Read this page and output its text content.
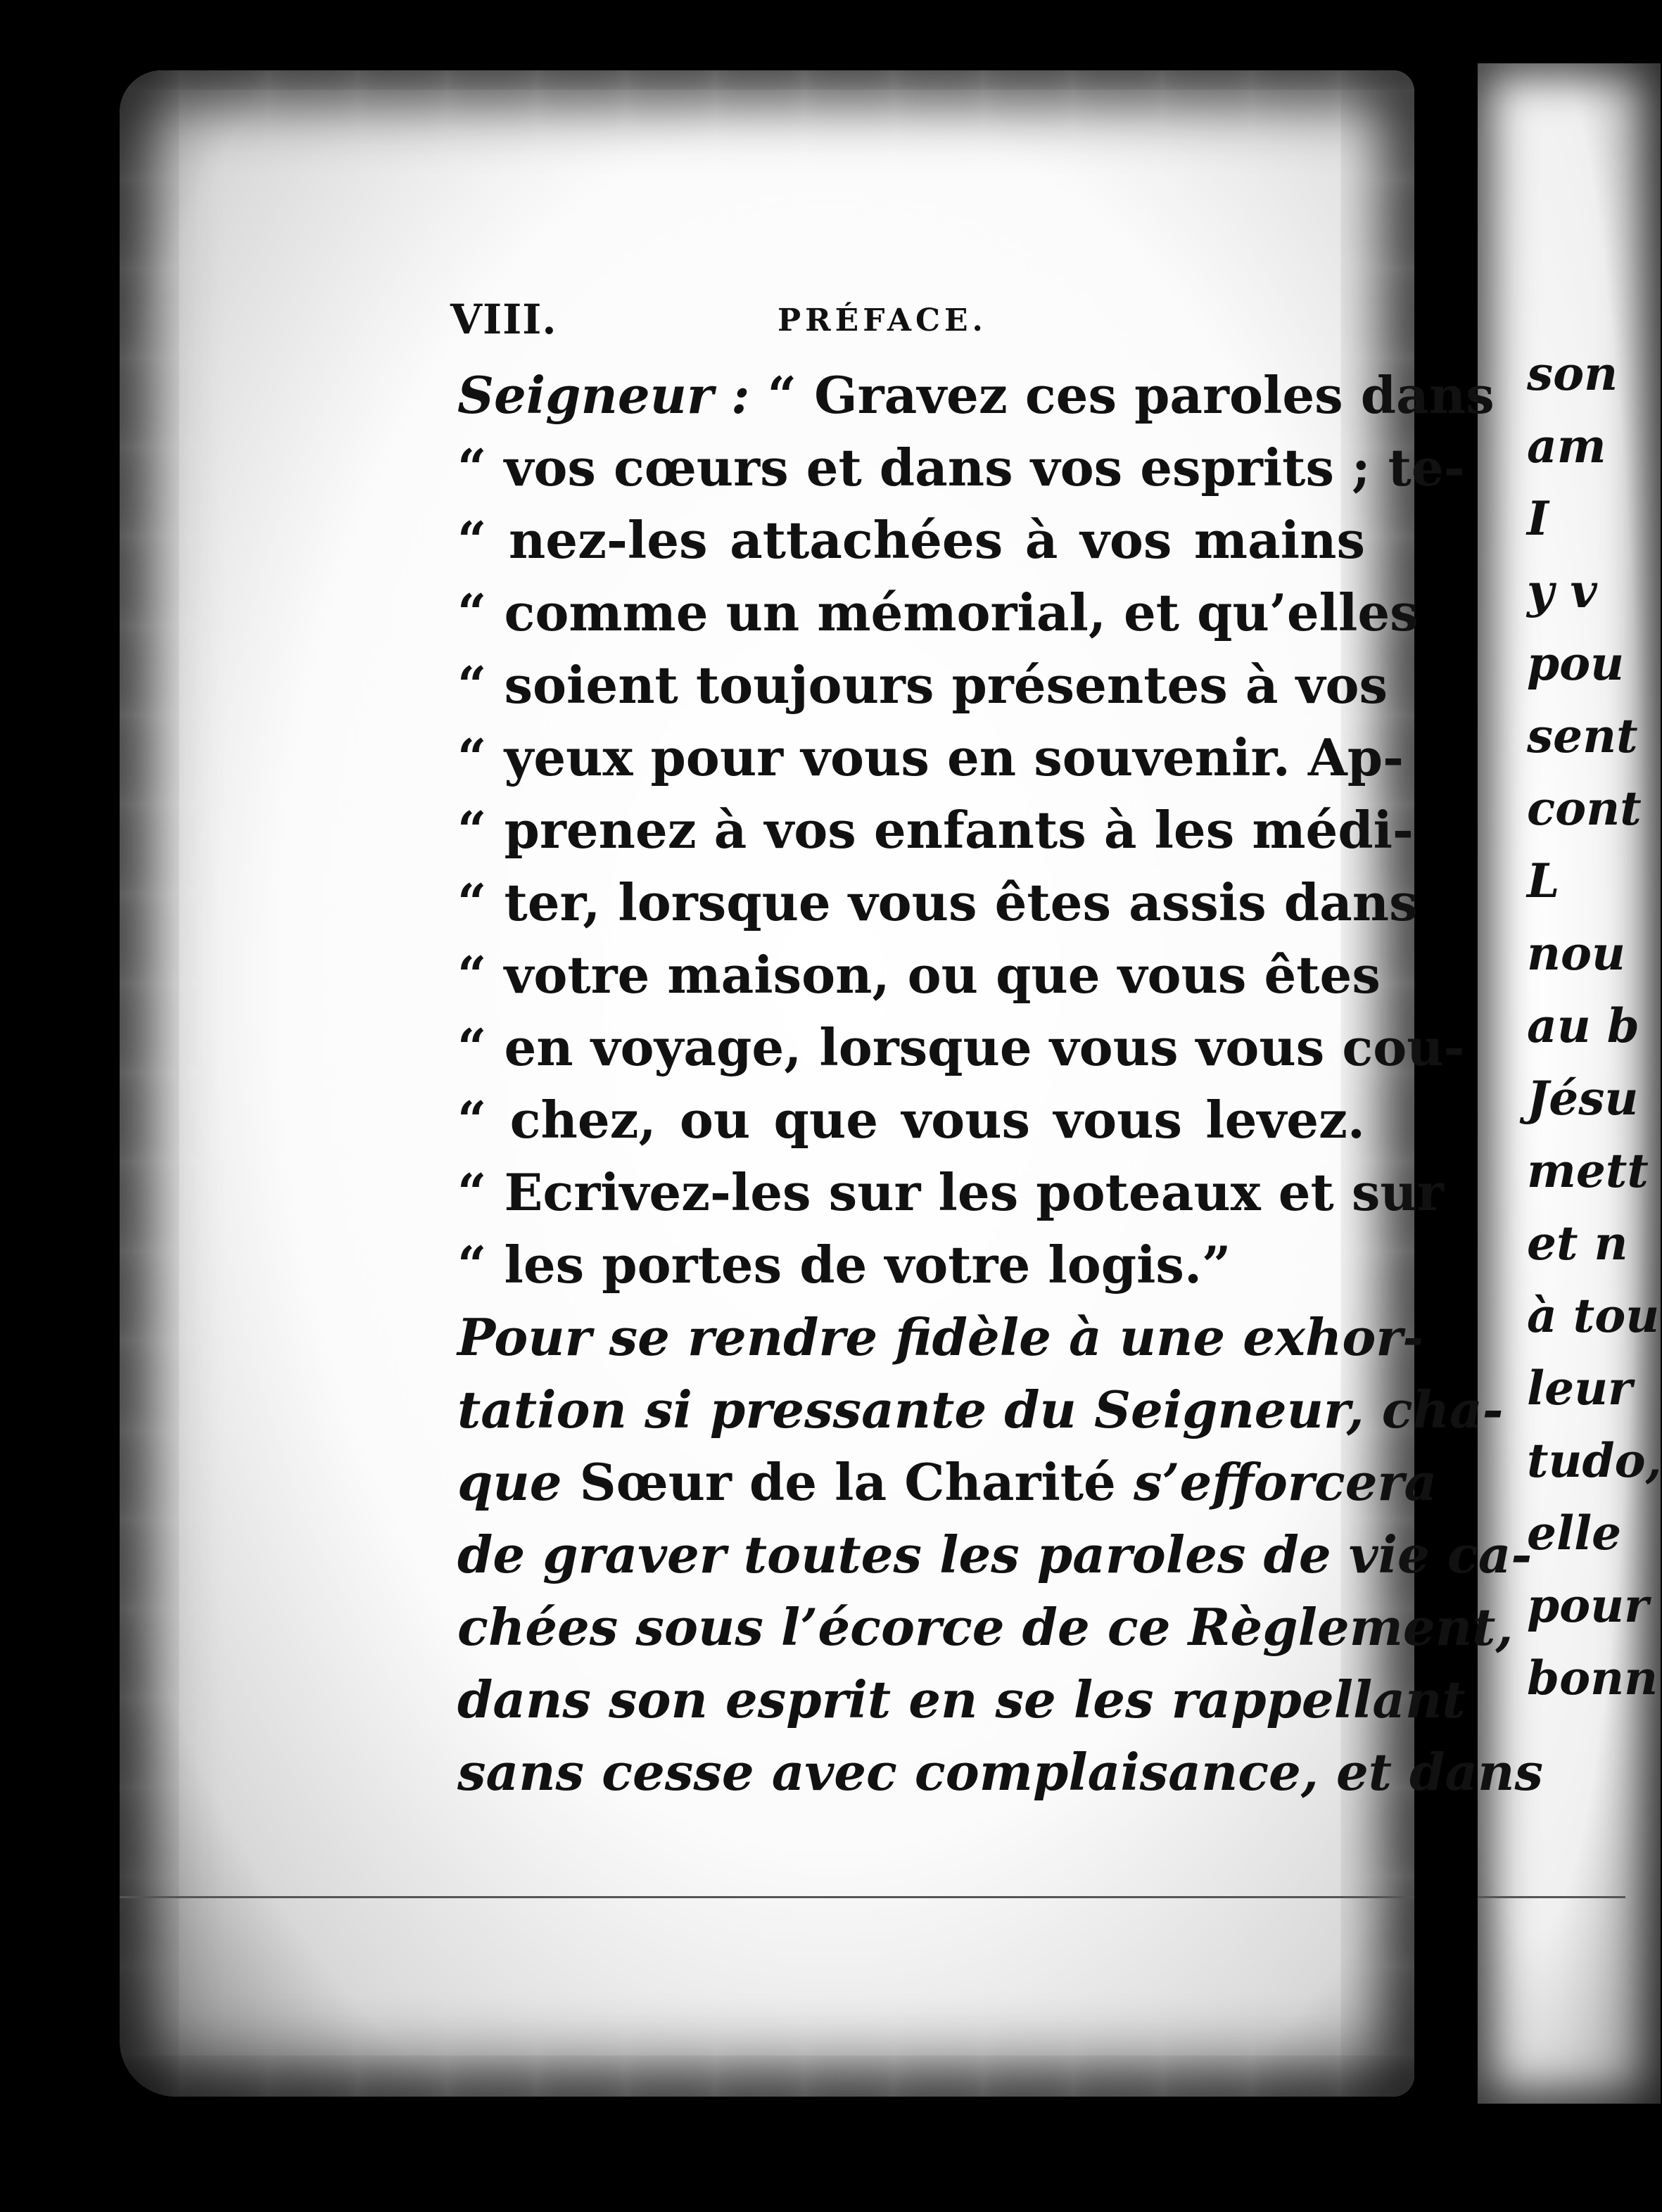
VIII.	PRÉFACE.
Seigneur : “ Gravez ces paroles dans
“ vos cœurs et dans vos esprits ; te-
“ nez-les attachées à vos mains
“ comme un mémorial, et qu’elles
“ soient toujours présentes à vos
“ yeux pour vous en souvenir. Ap-
“ prenez à vos enfants à les médi-
“ ter, lorsque vous êtes assis dans
“ votre maison, ou que vous êtes
“ en voyage, lorsque vous vous cou-
“ chez, ou que vous vous levez.
“ Ecrivez-les sur les poteaux et sur
“ les portes de votre logis.”
Pour se rendre fidèle à une exhor-
tation si pressante du Seigneur, cha-
que Sœur de la Charité s’efforcera
de graver toutes les paroles de vie ca-
chées sous l’écorce de ce Règlement,
dans son esprit en se les rappellant
sans cesse avec complaisance, et dans
son
am
I
y v
pou
sent
cont
L
nou
au b
Jésu
mett
et n
à tou
leur
tudo,
elle
pour
bonn
